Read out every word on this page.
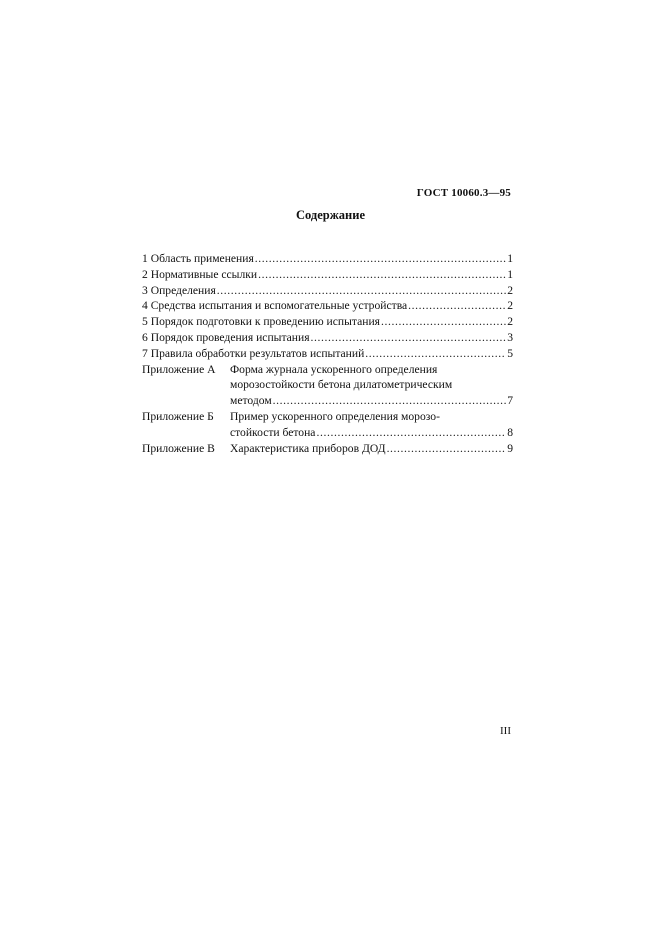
ГОСТ 10060.3—95
Содержание
1 Область применения .....	1
2 Нормативные ссылки .....	1
3 Определения .....	2
4 Средства испытания и вспомогательные устройства .....	2
5 Порядок подготовки к проведению испытания .....	2
6 Порядок проведения испытания .....	3
7 Правила обработки результатов испытаний .....	5
Приложение А	Форма журнала ускоренного определения
морозостойкости бетона дилатометрическим
методом .....	7
Приложение Б	Пример ускоренного определения морозо-
стойкости бетона .....	8
Приложение В	Характеристика приборов ДОД .....	9
III
